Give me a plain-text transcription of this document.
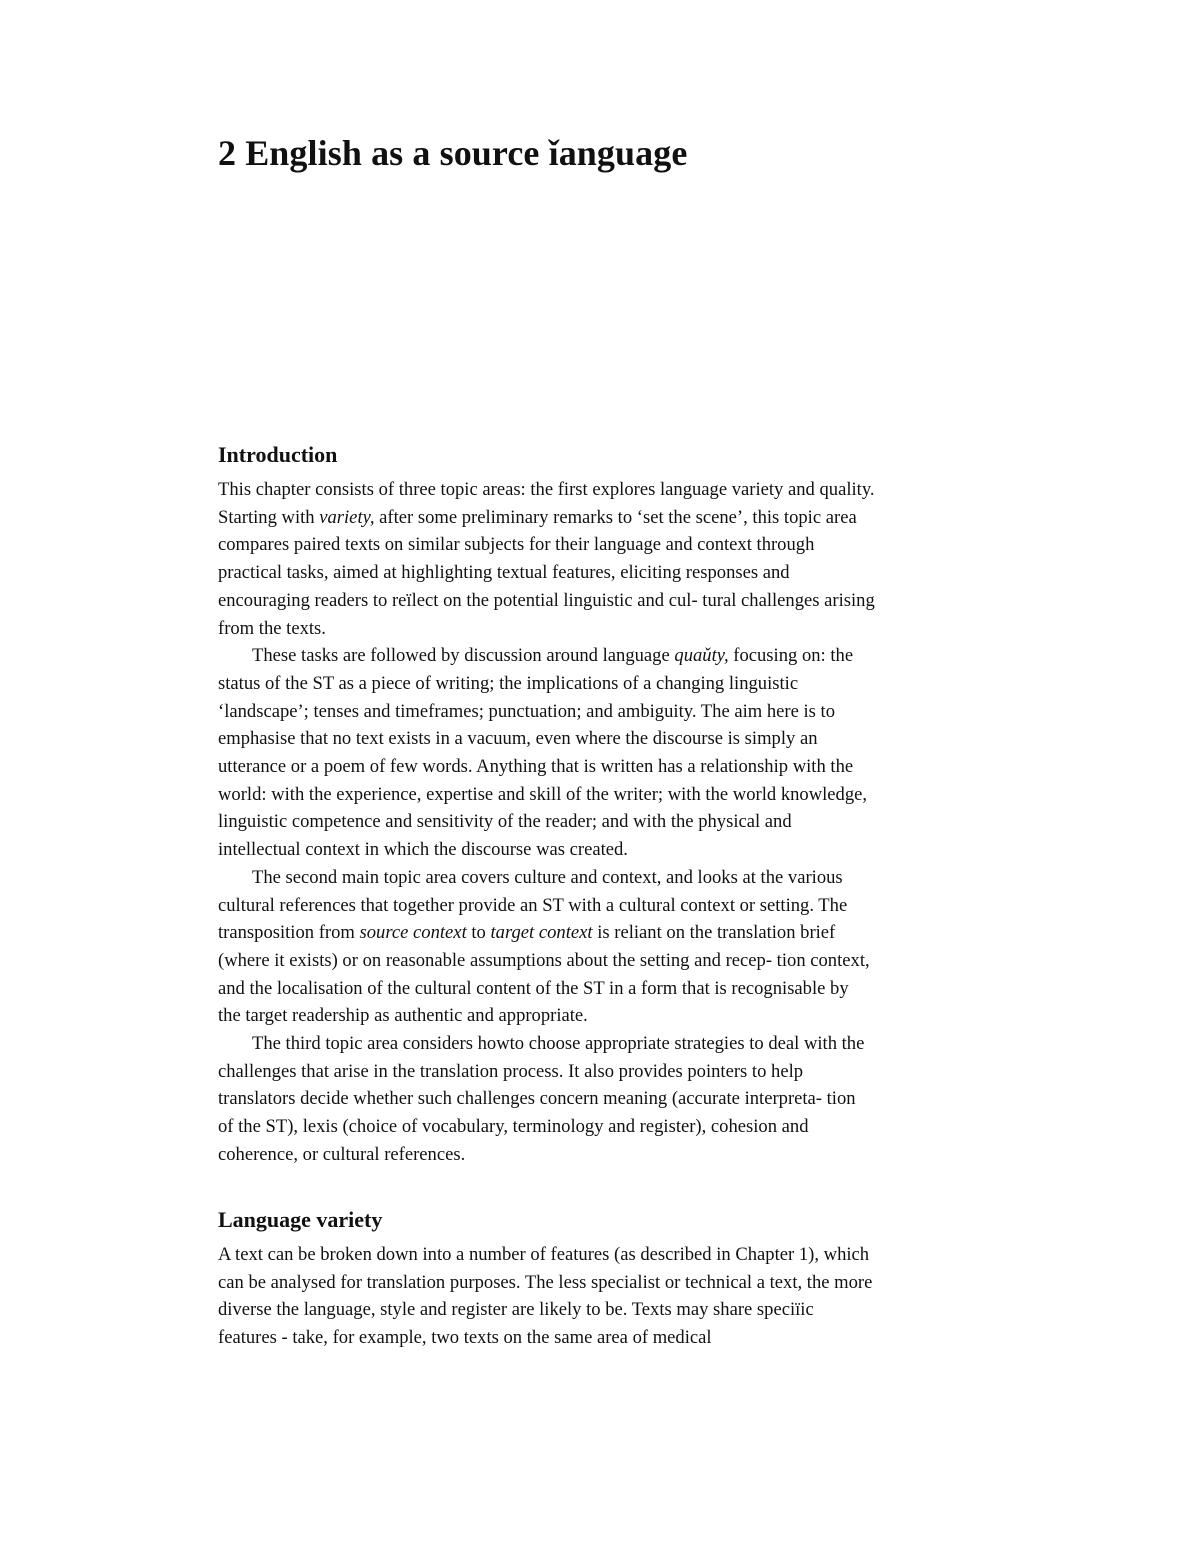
2 English as a source ǐanguage
Introduction

This chapter consists of three topic areas: the first explores language variety and quality.
Starting with variety, after some preliminary remarks to ‘set the scene’, this topic area
compares paired texts on similar subjects for their language and context through
practical tasks, aimed at highlighting textual features, eliciting responses and
encouraging readers to reïlect on the potential linguistic and cul- tural challenges arising
from the texts.

These tasks are followed by discussion around language quaǔty, focusing on: the
status of the ST as a piece of writing; the implications of a changing linguistic
‘landscape’; tenses and timeframes; punctuation; and ambiguity. The aim here is to
emphasise that no text exists in a vacuum, even where the discourse is simply an
utterance or a poem of few words. Anything that is written has a relationship with the
world: with the experience, expertise and skill of the writer; with the world knowledge,
linguistic competence and sensitivity of the reader; and with the physical and
intellectual context in which the discourse was created.

The second main topic area covers culture and context, and looks at the various
cultural references that together provide an ST with a cultural context or setting. The
transposition from source context to target context is reliant on the translation brief
(where it exists) or on reasonable assumptions about the setting and recep- tion context,
and the localisation of the cultural content of the ST in a form that is recognisable by
the target readership as authentic and appropriate.

The third topic area considers howto choose appropriate strategies to deal with the
challenges that arise in the translation process. It also provides pointers to help
translators decide whether such challenges concern meaning (accurate interpreta- tion
of the ST), lexis (choice of vocabulary, terminology and register), cohesion and
coherence, or cultural references.

Language variety

A text can be broken down into a number of features (as described in Chapter 1), which
can be analysed for translation purposes. The less specialist or technical a text, the more
diverse the language, style and register are likely to be. Texts may share speciïic
features - take, for example, two texts on the same area of medical
